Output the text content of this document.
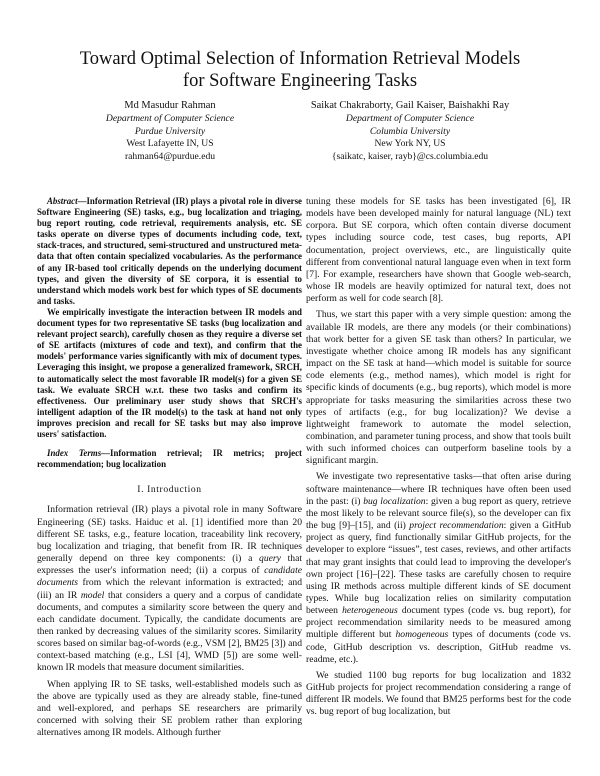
Toward Optimal Selection of Information Retrieval Models
for Software Engineering Tasks
Md Masudur Rahman
Department of Computer Science
Purdue University
West Lafayette IN, US
rahman64@purdue.edu
Saikat Chakraborty, Gail Kaiser, Baishakhi Ray
Department of Computer Science
Columbia University
New York NY, US
{saikatc, kaiser, rayb}@cs.columbia.edu

Abstract—Information Retrieval (IR) plays a pivotal role in diverse Software Engineering (SE) tasks, e.g., bug localization and triaging, bug report routing, code retrieval, requirements analysis, etc. SE tasks operate on diverse types of documents including code, text, stack-traces, and structured, semi-structured and unstructured meta-data that often contain specialized vocabularies. As the performance of any IR-based tool critically depends on the underlying document types, and given the diversity of SE corpora, it is essential to understand which models work best for which types of SE documents and tasks.

We empirically investigate the interaction between IR models and document types for two representative SE tasks (bug localization and relevant project search), carefully chosen as they require a diverse set of SE artifacts (mixtures of code and text), and confirm that the models' performance varies significantly with mix of document types. Leveraging this insight, we propose a generalized framework, SRCH, to automatically select the most favorable IR model(s) for a given SE task. We evaluate SRCH w.r.t. these two tasks and confirm its effectiveness. Our preliminary user study shows that SRCH's intelligent adaption of the IR model(s) to the task at hand not only improves precision and recall for SE tasks but may also improve users' satisfaction.

Index Terms—Information retrieval; IR metrics; project recommendation; bug localization

I. Introduction

Information retrieval (IR) plays a pivotal role in many Software Engineering (SE) tasks. Haiduc et al. [1] identified more than 20 different SE tasks, e.g., feature location, traceability link recovery, bug localization and triaging, that benefit from IR. IR techniques generally depend on three key components: (i) a query that expresses the user's information need; (ii) a corpus of candidate documents from which the relevant information is extracted; and (iii) an IR model that considers a query and a corpus of candidate documents, and computes a similarity score between the query and each candidate document. Typically, the candidate documents are then ranked by decreasing values of the similarity scores. Similarity scores based on similar bag-of-words (e.g., VSM [2], BM25 [3]) and context-based matching (e.g., LSI [4], WMD [5]) are some well-known IR models that measure document similarities.

When applying IR to SE tasks, well-established models such as the above are typically used as they are already stable, fine-tuned and well-explored, and perhaps SE researchers are primarily concerned with solving their SE problem rather than exploring alternatives among IR models. Although further

tuning these models for SE tasks has been investigated [6], IR models have been developed mainly for natural language (NL) text corpora. But SE corpora, which often contain diverse document types including source code, test cases, bug reports, API documentation, project overviews, etc., are linguistically quite different from conventional natural language even when in text form [7]. For example, researchers have shown that Google web-search, whose IR models are heavily optimized for natural text, does not perform as well for code search [8].

Thus, we start this paper with a very simple question: among the available IR models, are there any models (or their combinations) that work better for a given SE task than others? In particular, we investigate whether choice among IR models has any significant impact on the SE task at hand—which model is suitable for source code elements (e.g., method names), which model is right for specific kinds of documents (e.g., bug reports), which model is more appropriate for tasks measuring the similarities across these two types of artifacts (e.g., for bug localization)? We devise a lightweight framework to automate the model selection, combination, and parameter tuning process, and show that tools built with such informed choices can outperform baseline tools by a significant margin.

We investigate two representative tasks—that often arise during software maintenance—where IR techniques have often been used in the past: (i) bug localization: given a bug report as query, retrieve the most likely to be relevant source file(s), so the developer can fix the bug [9]–[15], and (ii) project recommendation: given a GitHub project as query, find functionally similar GitHub projects, for the developer to explore “issues”, test cases, reviews, and other artifacts that may grant insights that could lead to improving the developer's own project [16]–[22]. These tasks are carefully chosen to require using IR methods across multiple different kinds of SE document types. While bug localization relies on similarity computation between heterogeneous document types (code vs. bug report), for project recommendation similarity needs to be measured among multiple different but homogeneous types of documents (code vs. code, GitHub description vs. description, GitHub readme vs. readme, etc.).

We studied 1100 bug reports for bug localization and 1832 GitHub projects for project recommendation considering a range of different IR models. We found that BM25 performs best for the code vs. bug report of bug localization, but
